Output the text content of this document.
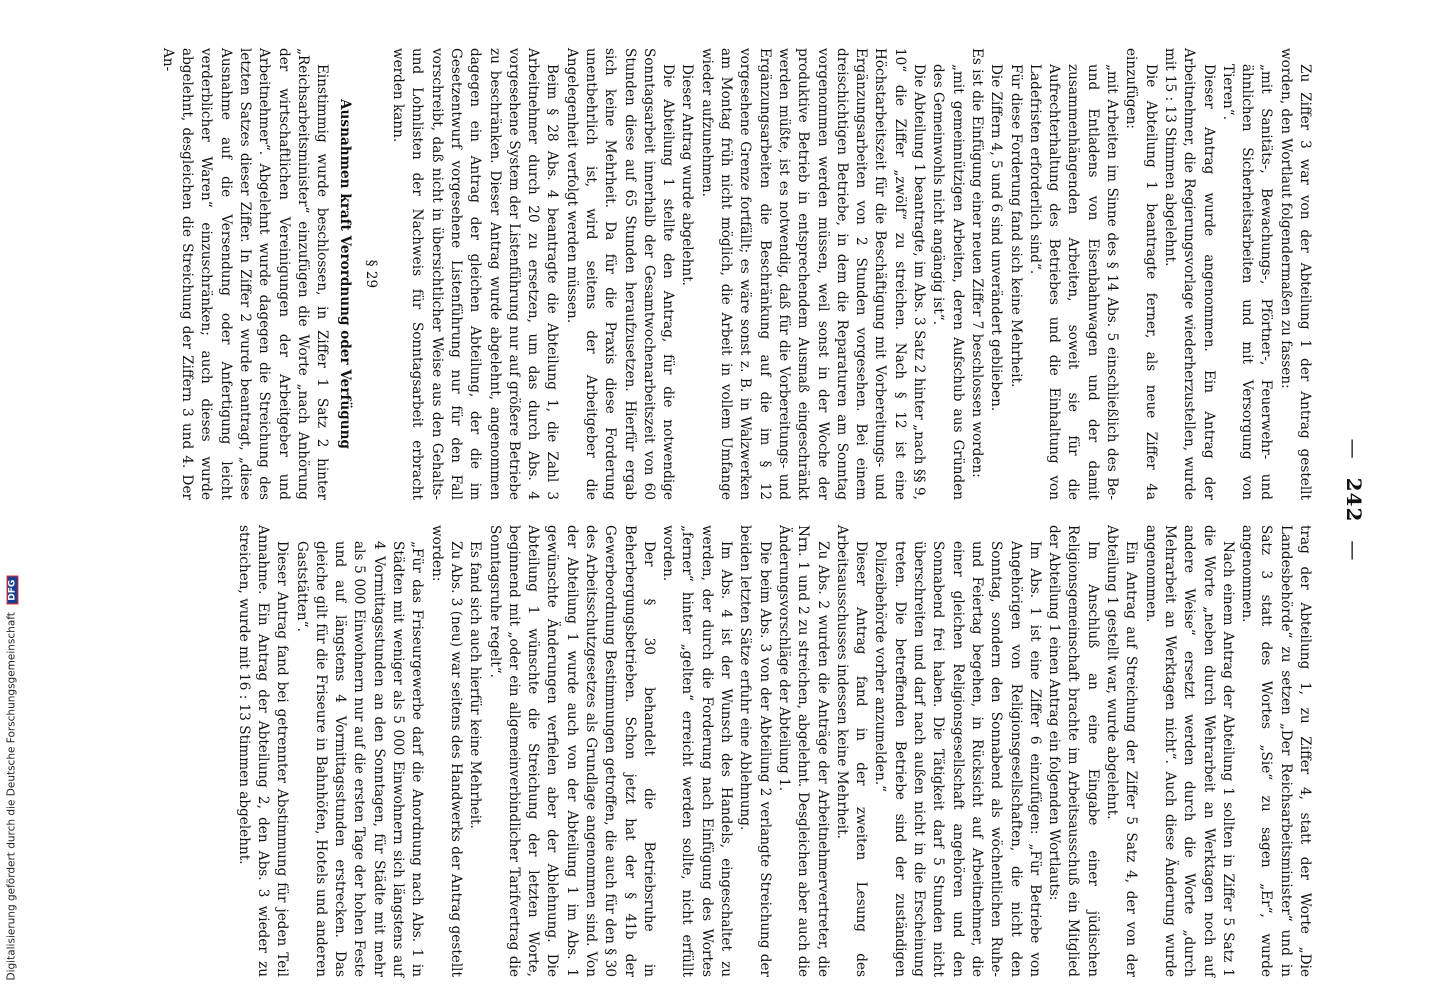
— 242 —

Zu Ziffer 3 war von der Abteilung 1 der Antrag gestellt worden, den Wortlaut folgendermaßen zu fassen:

„mit Sanitäts-, Bewachungs-, Pförtner-, Feuerwehr- und ähnlichen Sicherheitsarbeiten und mit Versorgung von Tieren“.

Dieser Antrag wurde angenommen. Ein Antrag der Arbeitnehmer, die Regierungsvorlage wiederherzustellen, wurde mit 15 : 13 Stimmen abgelehnt.

Die Abteilung 1 beantragte ferner, als neue Ziffer 4a einzufügen:

„mit Arbeiten im Sinne des § 14 Abs. 5 einschließlich des Be- und Entladens von Eisenbahnwagen und der damit zusammenhängenden Arbeiten, soweit sie für die Aufrechterhaltung des Betriebes und die Einhaltung von Ladefristen erforderlich sind“.

Für diese Forderung fand sich keine Mehrheit.

Die Ziffern 4, 5 und 6 sind unverändert geblieben.

Es ist die Einfügung einer neuen Ziffer 7 beschlossen worden:

„mit gemeinnützigen Arbeiten, deren Aufschub aus Gründen des Gemeinwohls nicht angängig ist“.

Die Abteilung 1 beantragte, im Abs. 3 Satz 2 hinter „nach §§ 9, 10“ die Ziffer „zwölf“ zu streichen. Nach § 12 ist eine Höchstarbeitszeit für die Beschäftigung mit Vorbereitungs- und Ergänzungsarbeiten von 2 Stunden vorgesehen. Bei einem dreischichtigen Betriebe, in dem die Reparaturen am Sonntag vorgenommen werden müssen, weil sonst in der Woche der produktive Betrieb in entsprechendem Ausmaß eingeschränkt werden müßte, ist es notwendig, daß für die Vorbereitungs- und Ergänzungsarbeiten die Beschränkung auf die im § 12 vorgesehene Grenze fortfällt; es wäre sonst z. B. in Walzwerken am Montag früh nicht möglich, die Arbeit in vollem Umfange wieder aufzunehmen.

Dieser Antrag wurde abgelehnt.

Die Abteilung 1 stellte den Antrag, für die notwendige Sonntagsarbeit innerhalb der Gesamtwochenarbeitszeit von 60 Stunden diese auf 65 Stunden heraufzusetzen. Hierfür ergab sich keine Mehrheit. Da für die Praxis diese Forderung unentbehrlich ist, wird seitens der Arbeitgeber die Angelegenheit verfolgt werden müssen.

Beim § 28 Abs. 4 beantragte die Abteilung 1, die Zahl 3 Arbeitnehmer durch 20 zu ersetzen, um das durch Abs. 4 vorgesehene System der Listenführung nur auf größere Betriebe zu beschränken. Dieser Antrag wurde abgelehnt, angenommen dagegen ein Antrag der gleichen Abteilung, der die im Gesetzentwurf vorgesehene Listenführung nur für den Fall vorschreibt, daß nicht in übersichtlicher Weise aus den Gehalts- und Lohnlisten der Nachweis für Sonntagsarbeit erbracht werden kann.

§ 29

Ausnahmen kraft Verordnung oder Verfügung

Einstimmig wurde beschlossen, in Ziffer 1 Satz 2 hinter „Reichsarbeitsminister“ einzufügen die Worte „nach Anhörung der wirtschaftlichen Vereinigungen der Arbeitgeber und Arbeitnehmer“. Abgelehnt wurde dagegen die Streichung des letzten Satzes dieser Ziffer. In Ziffer 2 wurde beantragt, „diese Ausnahme auf die Versendung oder Anfertigung leicht verderblicher Waren“ einzuschränken; auch dieses wurde abgelehnt, desgleichen die Streichung der Ziffern 3 und 4. Der An-

trag der Abteilung 1, zu Ziffer 4, statt der Worte „Die Landesbehörde“ zu setzen „Der Reichsarbeitsminister“ und in Satz 3 statt des Wortes „Sie“ zu sagen „Er“, wurde angenommen.

Nach einem Antrag der Abteilung 1 sollten in Ziffer 5 Satz 1 die Worte „neben durch Wehrarbeit an Werktagen noch auf andere Weise“ ersetzt werden durch die Worte „durch Mehrarbeit an Werktagen nicht“. Auch diese Änderung wurde angenommen.

Ein Antrag auf Streichung der Ziffer 5 Satz 4, der von der Abteilung 1 gestellt war, wurde abgelehnt.

Im Anschluß an eine Eingabe einer jüdischen Religionsgemeinschaft brachte im Arbeitsausschuß ein Mitglied der Abteilung 1 einen Antrag ein folgenden Wortlauts:

Im Abs. 1 ist eine Ziffer 6 einzufügen: „Für Betriebe von Angehörigen von Religionsgesellschaften, die nicht den Sonntag, sondern den Sonnabend als wöchentlichen Ruhe- und Feiertag begehen, in Rücksicht auf Arbeitnehmer, die einer gleichen Religionsgesellschaft angehören und den Sonnabend frei haben. Die Tätigkeit darf 5 Stunden nicht überschreiten und darf nach außen nicht in die Erscheinung treten. Die betreffenden Betriebe sind der zuständigen Polizeibehörde vorher anzumelden.“

Dieser Antrag fand in der zweiten Lesung des Arbeitsausschusses indessen keine Mehrheit.

Zu Abs. 2 wurden die Anträge der Arbeitnehmervertreter, die Nrn. 1 und 2 zu streichen, abgelehnt. Desgleichen aber auch die Änderungsvorschläge der Abteilung 1.

Die beim Abs. 3 von der Abteilung 2 verlangte Streichung der beiden letzten Sätze erfuhr eine Ablehnung.

Im Abs. 4 ist der Wunsch des Handels, eingeschaltet zu werden, der durch die Forderung nach Einfügung des Wortes „ferner“ hinter „gelten“ erreicht werden sollte, nicht erfüllt worden.

Der § 30 behandelt die Betriebsruhe in Beherbergungsbetrieben. Schon jetzt hat der § 41b der Gewerbeordnung Bestimmungen getroffen, die auch für den § 30 des Arbeitsschutzgesetzes als Grundlage angenommen sind. Von der Abteilung 1 wurde auch von der Abteilung 1 im Abs. 1 gewünschte Änderungen verfielen aber der Ablehnung. Die Abteilung 1 wünschte die Streichung der letzten Worte, beginnend mit „oder ein allgemeinverbindlicher Tarifvertrag die Sonntagsruhe regelt“.

Es fand sich auch hierfür keine Mehrheit.

Zu Abs. 3 (neu) war seitens des Handwerks der Antrag gestellt worden:

„Für das Friseurgewerbe darf die Anordnung nach Abs. 1 in Städten mit weniger als 5 000 Einwohnern sich längstens auf 4 Vormittagsstunden an den Sonntagen, für Städte mit mehr als 5 000 Einwohnern nur auf die ersten Tage der hohen Feste und auf längstens 4 Vormittagsstunden erstrecken. Das gleiche gilt für die Friseure in Bahnhöfen, Hotels und anderen Gaststätten“.

Dieser Antrag fand bei getrennter Abstimmung für jeden Teil Annahme. Ein Antrag der Abteilung 2, den Abs. 3 wieder zu streichen, wurde mit 16 : 13 Stimmen abgelehnt.

Digitalisierung gefördert durch die Deutsche Forschungsgemeinschaft DFG
